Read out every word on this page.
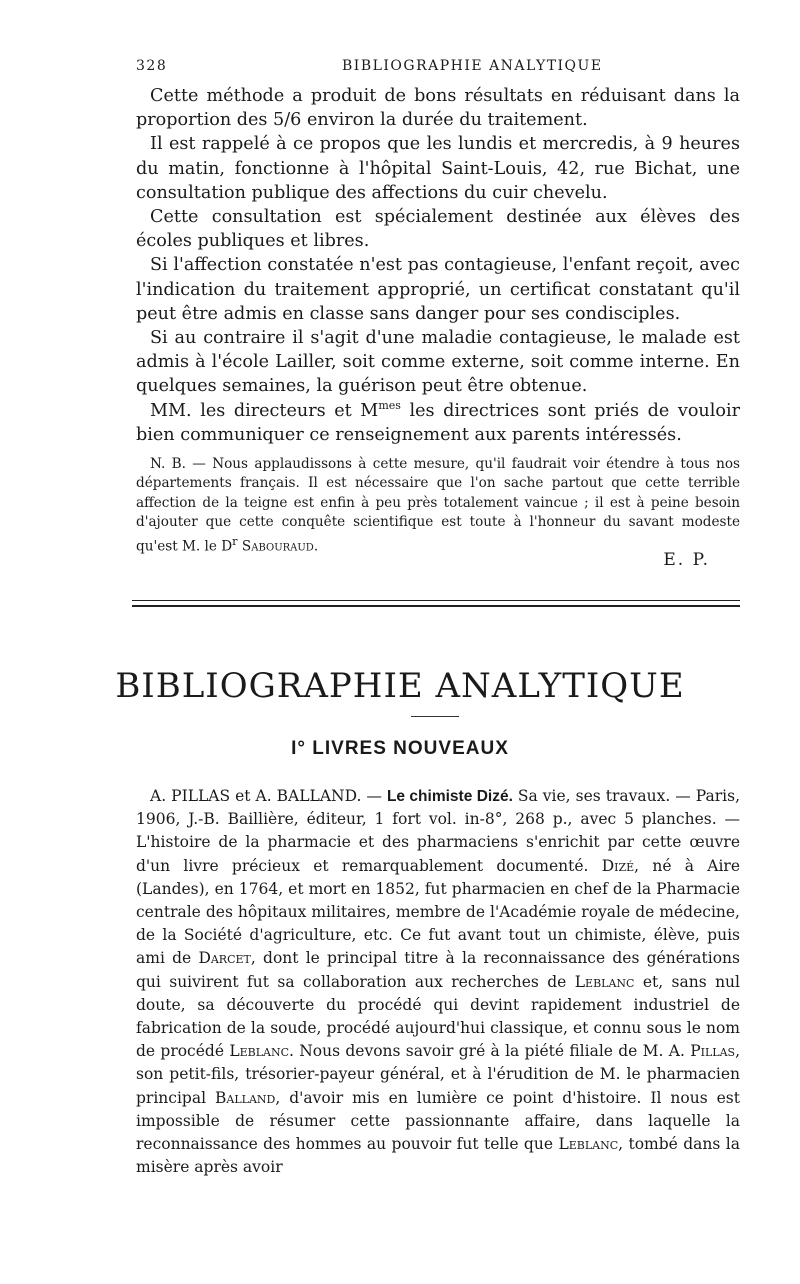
328	BIBLIOGRAPHIE ANALYTIQUE

Cette méthode a produit de bons résultats en réduisant dans la proportion des 5/6 environ la durée du traitement.

Il est rappelé à ce propos que les lundis et mercredis, à 9 heures du matin, fonctionne à l'hôpital Saint-Louis, 42, rue Bichat, une consultation publique des affections du cuir chevelu.

Cette consultation est spécialement destinée aux élèves des écoles publiques et libres.

Si l'affection constatée n'est pas contagieuse, l'enfant reçoit, avec l'indication du traitement approprié, un certificat constatant qu'il peut être admis en classe sans danger pour ses condisciples.

Si au contraire il s'agit d'une maladie contagieuse, le malade est admis à l'école Lailler, soit comme externe, soit comme interne. En quelques semaines, la guérison peut être obtenue.

MM. les directeurs et $M^{mes}$ les directrices sont priés de vouloir bien communiquer ce renseignement aux parents intéressés.

N. B. — Nous applaudissons à cette mesure, qu'il faudrait voir étendre à tous nos départements français. Il est nécessaire que l'on sache partout que cette terrible affection de la teigne est enfin à peu près totalement vaincue ; il est à peine besoin d'ajouter que cette conquête scientifique est toute à l'honneur du savant modeste qu'est M. le $D^r$ Sabouraud.

E. P.
BIBLIOGRAPHIE ANALYTIQUE
I° LIVRES NOUVEAUX

A. PILLAS et A. BALLAND. — Le chimiste Dizé. Sa vie, ses travaux. — Paris, 1906, J.-B. Baillière, éditeur, 1 fort vol. in-8°, 268 p., avec 5 planches. — L'histoire de la pharmacie et des pharmaciens s'enrichit par cette œuvre d'un livre précieux et remarquablement documenté. Dizé, né à Aire (Landes), en 1764, et mort en 1852, fut pharmacien en chef de la Pharmacie centrale des hôpitaux militaires, membre de l'Académie royale de médecine, de la Société d'agriculture, etc. Ce fut avant tout un chimiste, élève, puis ami de Darcet, dont le principal titre à la reconnaissance des générations qui suivirent fut sa collaboration aux recherches de Leblanc et, sans nul doute, sa découverte du procédé qui devint rapidement industriel de fabrication de la soude, procédé aujourd'hui classique, et connu sous le nom de procédé Leblanc. Nous devons savoir gré à la piété filiale de M. A. Pillas, son petit-fils, trésorier-payeur général, et à l'érudition de M. le pharmacien principal Balland, d'avoir mis en lumière ce point d'histoire. Il nous est impossible de résumer cette passionnante affaire, dans laquelle la reconnaissance des hommes au pouvoir fut telle que Leblanc, tombé dans la misère après avoir
